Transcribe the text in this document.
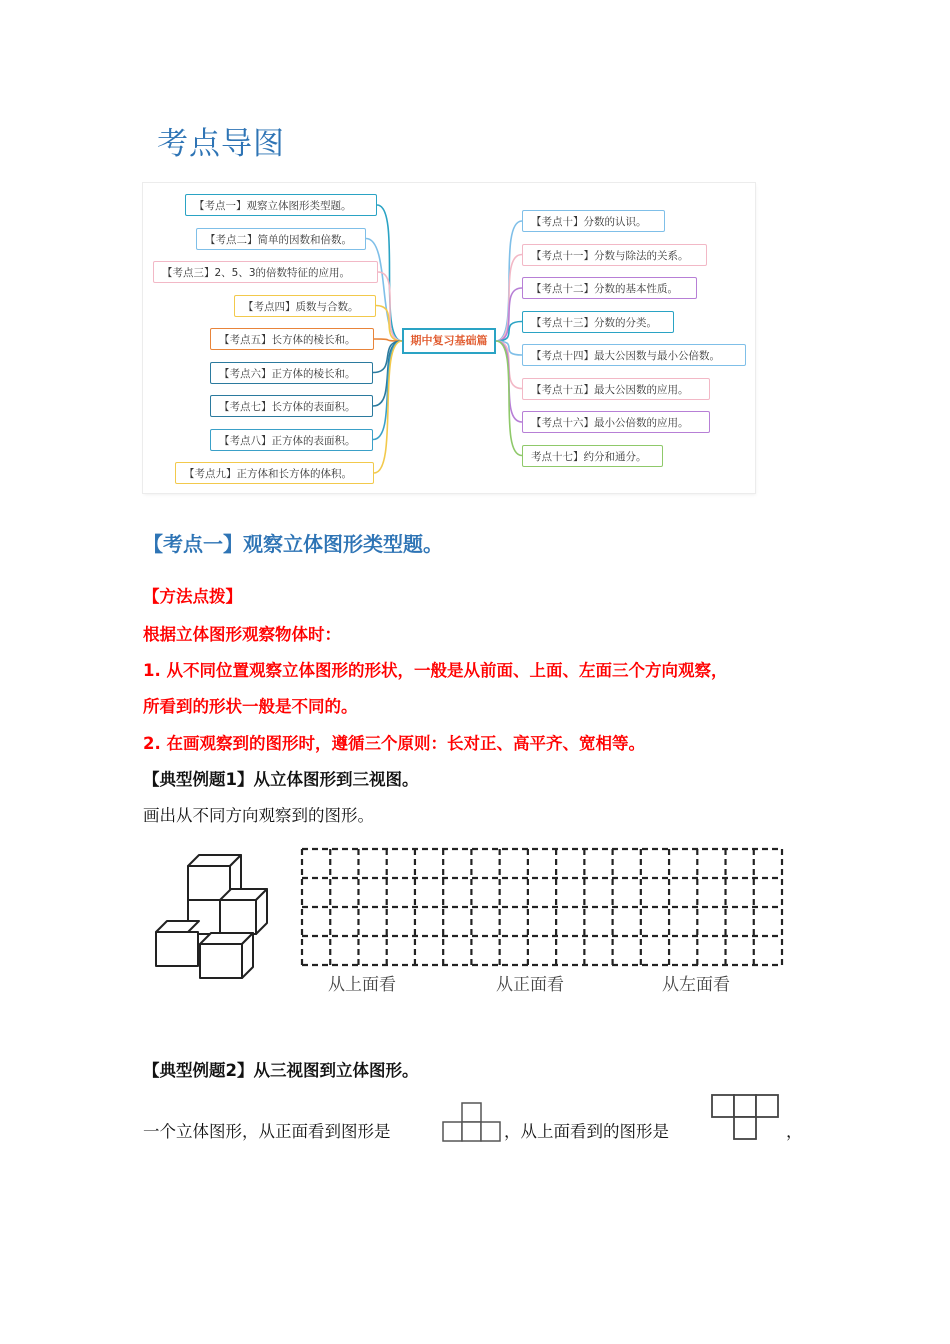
考点导图
期中复习基础篇
【考点一】观察立体图形类型题。
【考点二】简单的因数和倍数。
【考点三】2、5、3的倍数特征的应用。
【考点四】质数与合数。
【考点五】长方体的棱长和。
【考点六】正方体的棱长和。
【考点七】长方体的表面积。
【考点八】正方体的表面积。
【考点九】正方体和长方体的体积。
【考点十】分数的认识。
【考点十一】分数与除法的关系。
【考点十二】分数的基本性质。
【考点十三】分数的分类。
【考点十四】最大公因数与最小公倍数。
【考点十五】最大公因数的应用。
【考点十六】最小公倍数的应用。
考点十七】约分和通分。
【考点一】观察立体图形类型题。
【方法点拨】
根据立体图形观察物体时：
1. 从不同位置观察立体图形的形状，一般是从前面、上面、左面三个方向观察，
所看到的形状一般是不同的。
2. 在画观察到的图形时，遵循三个原则：长对正、高平齐、宽相等。
【典型例题1】从立体图形到三视图。
画出从不同方向观察到的图形。
从上面看	从正面看	从左面看
【典型例题2】从三视图到立体图形。
一个立体图形，从正面看到图形是	，从上面看到的图形是	，
